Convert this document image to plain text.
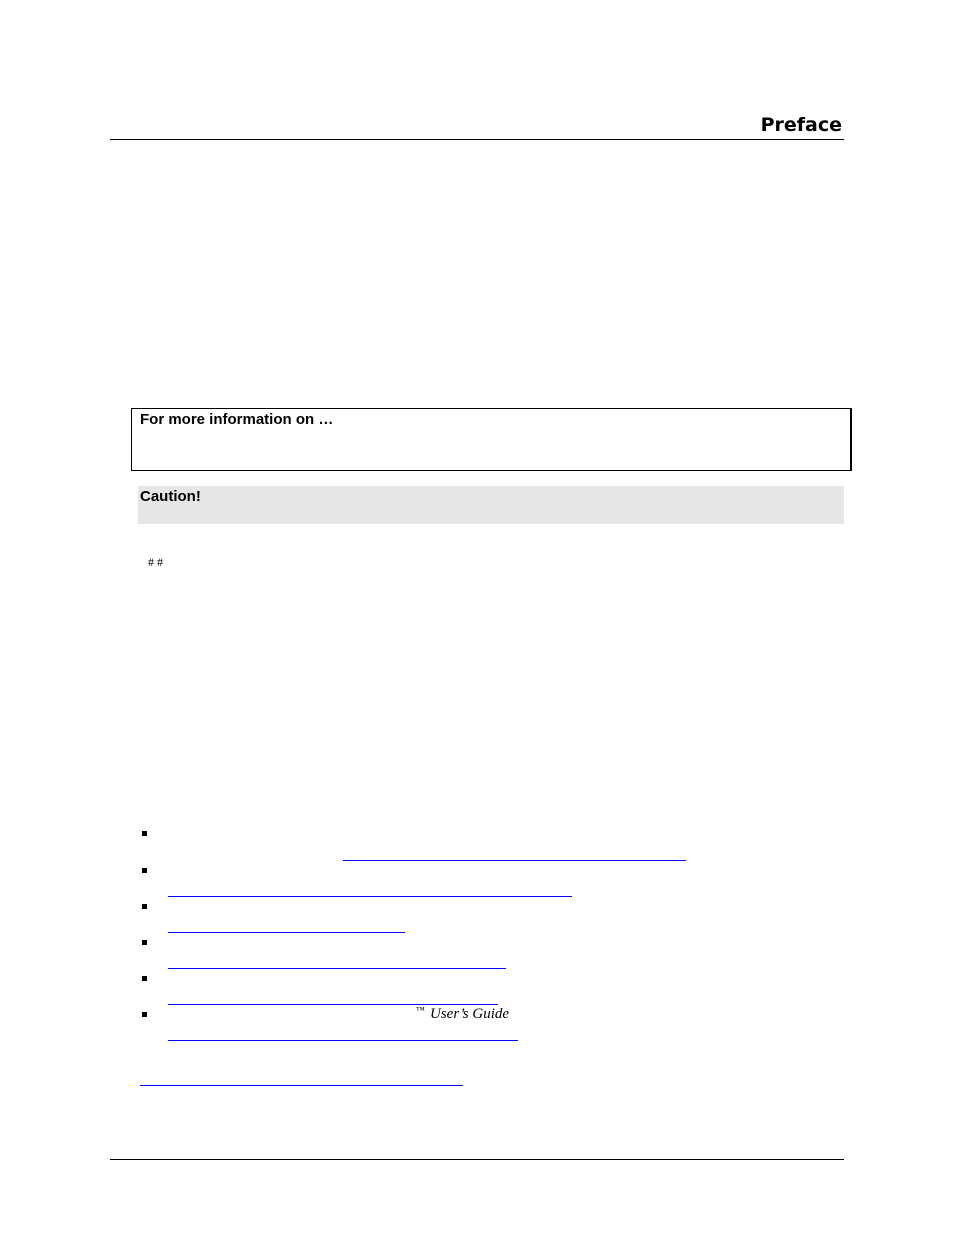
Preface
For more information on …
Caution!
# #
™ User’s Guide
